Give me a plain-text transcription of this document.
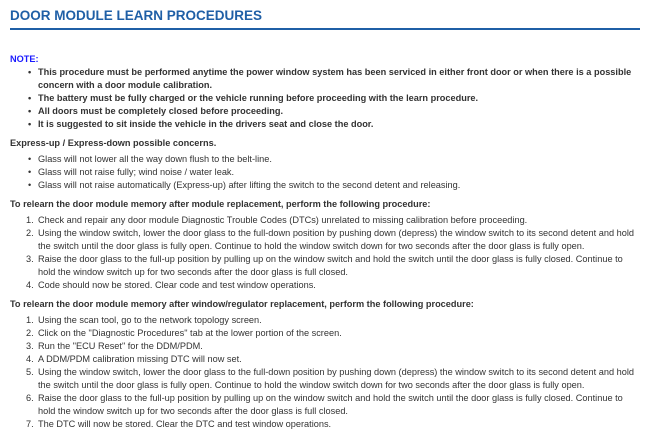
DOOR MODULE LEARN PROCEDURES
NOTE:
• This procedure must be performed anytime the power window system has been serviced in either front door or when there is a possible concern with a door module calibration.
• The battery must be fully charged or the vehicle running before proceeding with the learn procedure.
• All doors must be completely closed before proceeding.
• It is suggested to sit inside the vehicle in the drivers seat and close the door.
Express-up / Express-down possible concerns.
• Glass will not lower all the way down flush to the belt-line.
• Glass will not raise fully; wind noise / water leak.
• Glass will not raise automatically (Express-up) after lifting the switch to the second detent and releasing.
To relearn the door module memory after module replacement, perform the following procedure:
1. Check and repair any door module Diagnostic Trouble Codes (DTCs) unrelated to missing calibration before proceeding.
2. Using the window switch, lower the door glass to the full-down position by pushing down (depress) the window switch to its second detent and hold the switch until the door glass is fully open. Continue to hold the window switch down for two seconds after the door glass is fully open.
3. Raise the door glass to the full-up position by pulling up on the window switch and hold the switch until the door glass is fully closed. Continue to hold the window switch up for two seconds after the door glass is full closed.
4. Code should now be stored. Clear code and test window operations.
To relearn the door module memory after window/regulator replacement, perform the following procedure:
1. Using the scan tool, go to the network topology screen.
2. Click on the "Diagnostic Procedures" tab at the lower portion of the screen.
3. Run the "ECU Reset" for the DDM/PDM.
4. A DDM/PDM calibration missing DTC will now set.
5. Using the window switch, lower the door glass to the full-down position by pushing down (depress) the window switch to its second detent and hold the switch until the door glass is fully open. Continue to hold the window switch down for two seconds after the door glass is fully open.
6. Raise the door glass to the full-up position by pulling up on the window switch and hold the switch until the door glass is fully closed. Continue to hold the window switch up for two seconds after the door glass is full closed.
7. The DTC will now be stored. Clear the DTC and test window operations.
